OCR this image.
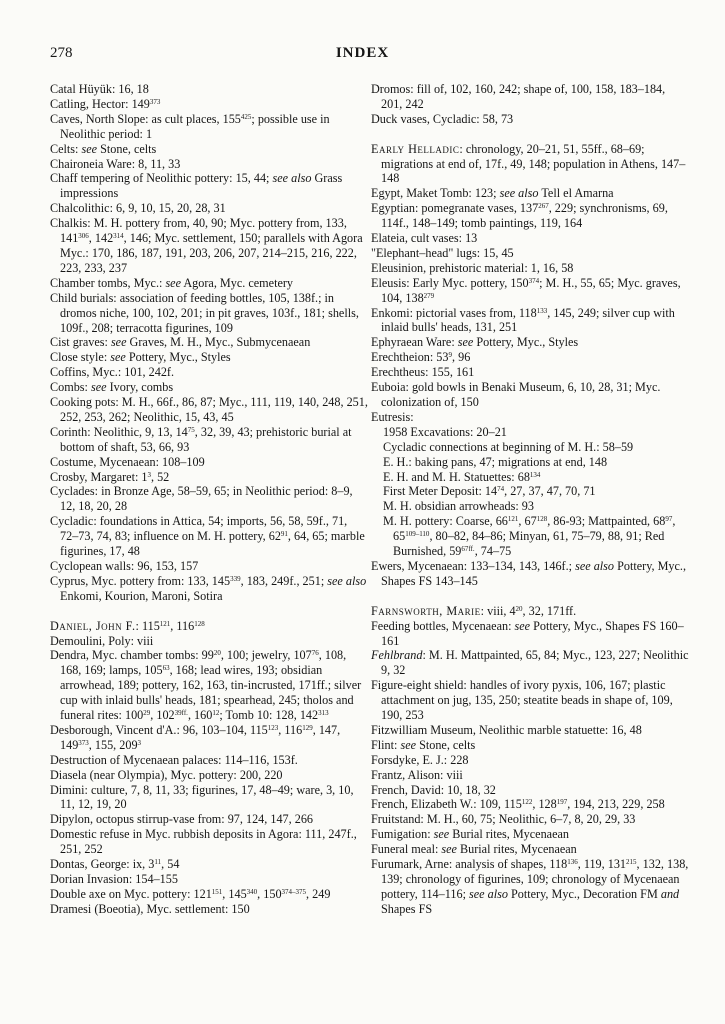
278	INDEX
Catal Hüyük: 16, 18
Catling, Hector: $149^{373}$
Caves, North Slope: as cult places, $155^{425}$; possible use in Neolithic period: 1
Celts: see Stone, celts
Chaironeia Ware: 8, 11, 33
Chaff tempering of Neolithic pottery: 15, 44; see also Grass impressions
Chalcolithic: 6, 9, 10, 15, 20, 28, 31
Chalkis: M. H. pottery from, 40, 90; Myc. pottery from, 133, $141^{306}$, $142^{314}$, 146; Myc. settlement, 150; parallels with Agora Myc.: 170, 186, 187, 191, 203, 206, 207, 214–215, 216, 222, 223, 233, 237
Chamber tombs, Myc.: see Agora, Myc. cemetery
Child burials: association of feeding bottles, 105, 138f.; in dromos niche, 100, 102, 201; in pit graves, 103f., 181; shells, 109f., 208; terracotta figurines, 109
Cist graves: see Graves, M. H., Myc., Submycenaean
Close style: see Pottery, Myc., Styles
Coffins, Myc.: 101, 242f.
Combs: see Ivory, combs
Cooking pots: M. H., 66f., 86, 87; Myc., 111, 119, 140, 248, 251, 252, 253, 262; Neolithic, 15, 43, 45
Corinth: Neolithic, 9, 13, $14^{75}$, 32, 39, 43; prehistoric burial at bottom of shaft, 53, 66, 93
Costume, Mycenaean: 108–109
Crosby, Margaret: $1^3$, 52
Cyclades: in Bronze Age, 58–59, 65; in Neolithic period: 8–9, 12, 18, 20, 28
Cycladic: foundations in Attica, 54; imports, 56, 58, 59f., 71, 72–73, 74, 83; influence on M. H. pottery, $62^{91}$, 64, 65; marble figurines, 17, 48
Cyclopean walls: 96, 153, 157
Cyprus, Myc. pottery from: 133, $145^{339}$, 183, 249f., 251; see also Enkomi, Kourion, Maroni, Sotira
Daniel, John F.: $115^{121}$, $116^{128}$
Demoulini, Poly: viii
Dendra, Myc. chamber tombs: $99^{20}$, 100; jewelry, $107^{76}$, 108, 168, 169; lamps, $105^{63}$, 168; lead wires, 193; obsidian arrowhead, 189; pottery, 162, 163, tin-incrusted, 171ff.; silver cup with inlaid bulls' heads, 181; spearhead, 245; tholos and funeral rites: $100^{29}$, $102^{39ff.}$, $160^{12}$; Tomb 10: 128, $142^{313}$
Desborough, Vincent d'A.: 96, 103–104, $115^{123}$, $116^{129}$, 147, $149^{373}$, 155, $209^3$
Destruction of Mycenaean palaces: 114–116, 153f.
Diasela (near Olympia), Myc. pottery: 200, 220
Dimini: culture, 7, 8, 11, 33; figurines, 17, 48–49; ware, 3, 10, 11, 12, 19, 20
Dipylon, octopus stirrup-vase from: 97, 124, 147, 266
Domestic refuse in Myc. rubbish deposits in Agora: 111, 247f., 251, 252
Dontas, George: ix, $3^{11}$, 54
Dorian Invasion: 154–155
Double axe on Myc. pottery: $121^{151}$, $145^{340}$, 150$^{374-375}$, 249
Dramesi (Boeotia), Myc. settlement: 150
Dromos: fill of, 102, 160, 242; shape of, 100, 158, 183–184, 201, 242
Duck vases, Cycladic: 58, 73
Early Helladic: chronology, 20–21, 51, 55ff., 68–69; migrations at end of, 17f., 49, 148; population in Athens, 147–148
Egypt, Maket Tomb: 123; see also Tell el Amarna
Egyptian: pomegranate vases, $137^{267}$, 229; synchronisms, 69, 114f., 148–149; tomb paintings, 119, 164
Elateia, cult vases: 13
"Elephant–head" lugs: 15, 45
Eleusinion, prehistoric material: 1, 16, 58
Eleusis: Early Myc. pottery, $150^{374}$; M. H., 55, 65; Myc. graves, 104, $138^{279}$
Enkomi: pictorial vases from, $118^{133}$, 145, 249; silver cup with inlaid bulls' heads, 131, 251
Ephyraean Ware: see Pottery, Myc., Styles
Erechtheion: $53^9$, 96
Erechtheus: 155, 161
Euboia: gold bowls in Benaki Museum, 6, 10, 28, 31; Myc. colonization of, 150
Eutresis:
1958 Excavations: 20–21
Cycladic connections at beginning of M. H.: 58–59
E. H.: baking pans, 47; migrations at end, 148
E. H. and M. H. Statuettes: $68^{134}$
First Meter Deposit: $14^{74}$, 27, 37, 47, 70, 71
M. H. obsidian arrowheads: 93
M. H. pottery: Coarse, $66^{121}$, $67^{128}$, 86-93; Mattpainted, $68^{97}$, 65$^{109-110}$, 80–82, 84–86; Minyan, 61, 75–79, 88, 91; Red Burnished, $59^{67ff.}$, 74–75
Ewers, Mycenaean: 133–134, 143, 146f.; see also Pottery, Myc., Shapes FS 143–145
Farnsworth, Marie: viii, $4^{20}$, 32, 171ff.
Feeding bottles, Mycenaean: see Pottery, Myc., Shapes FS 160–161
Fehlbrand: M. H. Mattpainted, 65, 84; Myc., 123, 227; Neolithic 9, 32
Figure-eight shield: handles of ivory pyxis, 106, 167; plastic attachment on jug, 135, 250; steatite beads in shape of, 109, 190, 253
Fitzwilliam Museum, Neolithic marble statuette: 16, 48
Flint: see Stone, celts
Forsdyke, E. J.: 228
Frantz, Alison: viii
French, David: 10, 18, 32
French, Elizabeth W.: 109, $115^{122}$, $128^{197}$, 194, 213, 229, 258
Fruitstand: M. H., 60, 75; Neolithic, 6–7, 8, 20, 29, 33
Fumigation: see Burial rites, Mycenaean
Funeral meal: see Burial rites, Mycenaean
Furumark, Arne: analysis of shapes, $118^{136}$, 119, $131^{215}$, 132, 138, 139; chronology of figurines, 109; chronology of Mycenaean pottery, 114–116; see also Pottery, Myc., Decoration FM and Shapes FS
